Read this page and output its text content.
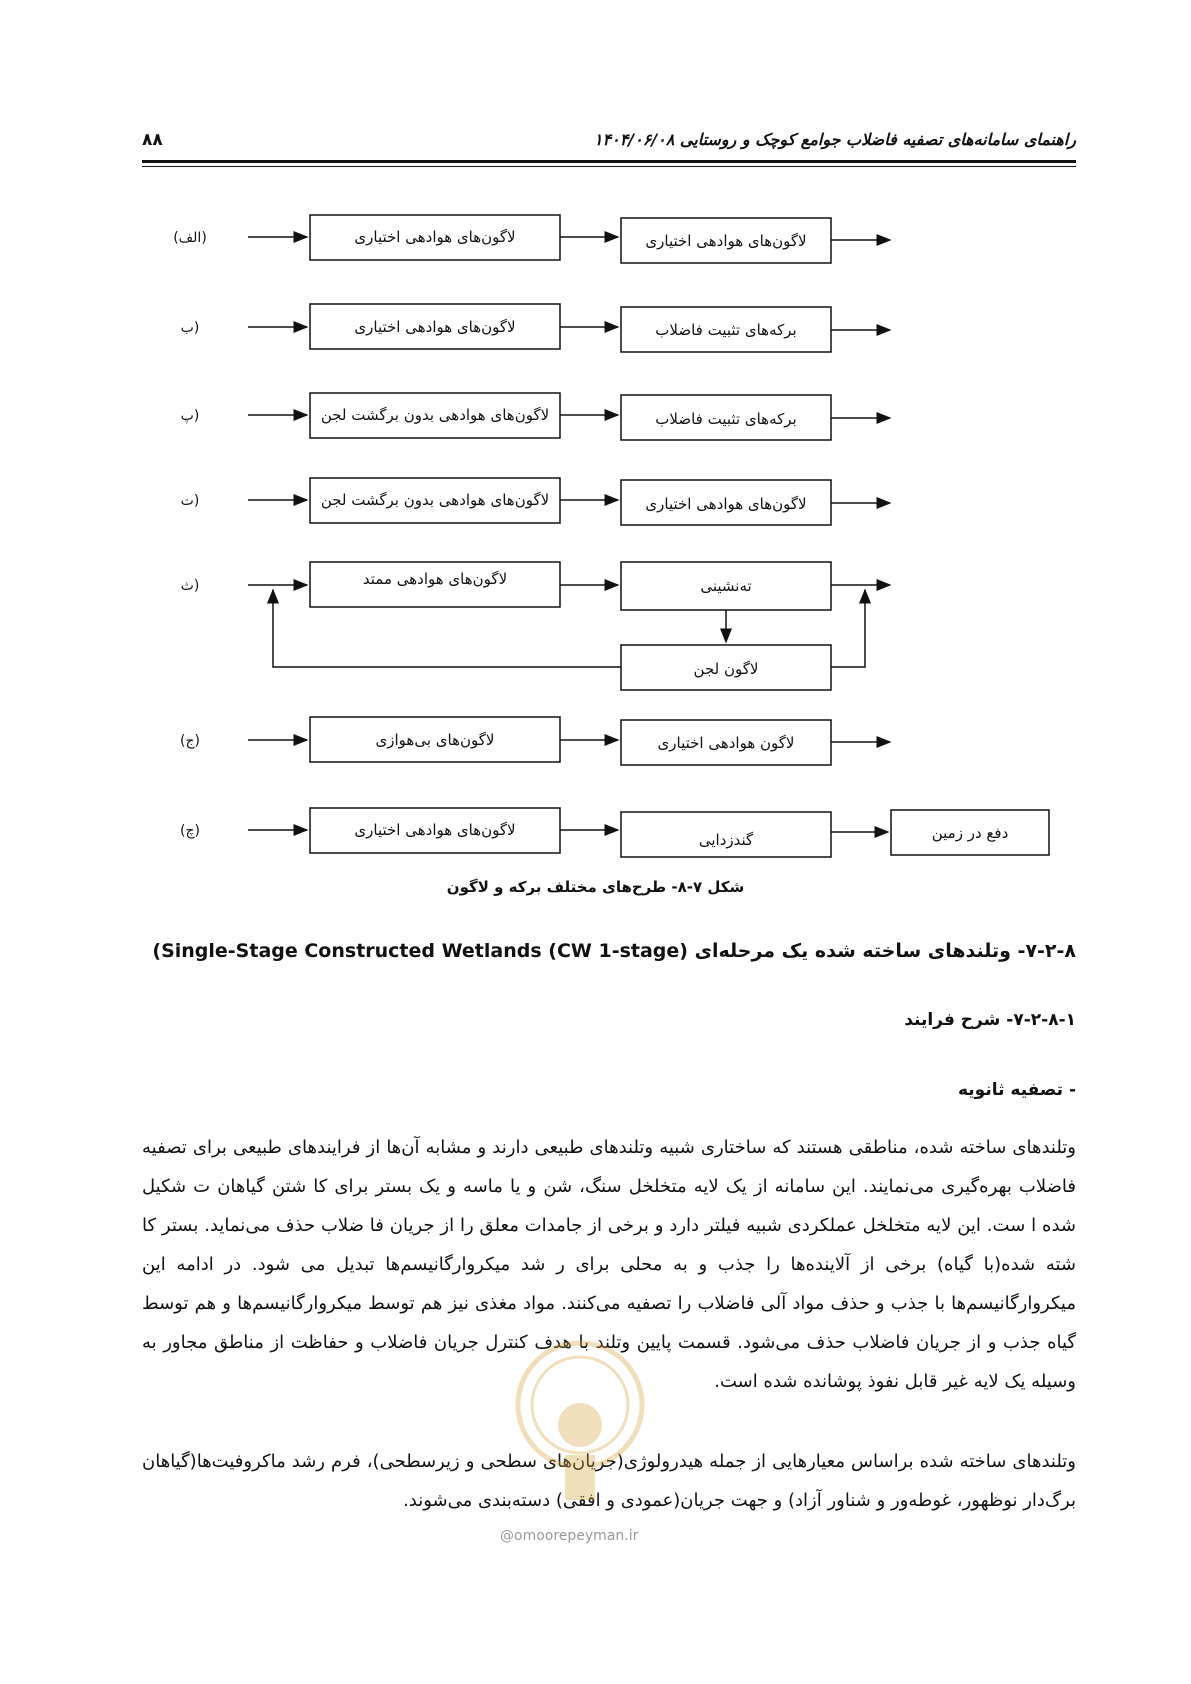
۸۸	راهنمای سامانه‌های تصفیه فاضلاب جوامع کوچک و روستایی ۱۴۰۴/۰۶/۰۸
(الف)
(ب
(پ
(ت
(ث
(ج)
(چ)
لاگون‌های هوادهی اختیاری	لاگون‌های هوادهی اختیاری
لاگون‌های هوادهی اختیاری	برکه‌های تثبیت فاضلاب
لاگون‌های هوادهی بدون برگشت لجن	برکه‌های تثبیت فاضلاب
لاگون‌های هوادهی بدون برگشت لجن	لاگون‌های هوادهی اختیاری
لاگون‌های هوادهی ممتد	ته‌نشینی
لاگون لجن
لاگون‌های بی‌هوازی	لاگون هوادهی اختیاری
لاگون‌های هوادهی اختیاری
گندزدایی	دفع در زمین
شکل ۷-۸- طرح‌های مختلف برکه و لاگون
۷-۲-۸- وتلندهای ساخته شده یک مرحله‌ای (CW 1-stage) Single-Stage Constructed Wetlands)
۷-۲-۸-۱- شرح فرایند
- تصفیه ثانویه
وتلندهای ساخته شده، مناطقی هستند که ساختاری شبیه وتلندهای طبیعی دارند و مشابه آن‌ها از فرایندهای طبیعی برای تصفیه فاضلاب بهره‌گیری می‌نمایند. این سامانه از یک لایه متخلخل سنگ، شن و یا ماسه و یک بستر برای کا شتن گیاهان ت شکیل شده ا ست. این لایه متخلخل عملکردی شبیه فیلتر دارد و برخی از جامدات معلق را از جریان فا ضلاب حذف می‌نماید. بستر کا شته شده(با گیاه) برخی از آلاینده‌ها را جذب و به محلی برای ر شد میکروارگانیسم‌ها تبدیل می شود. در ادامه این میکروارگانیسم‌ها با جذب و حذف مواد آلی فاضلاب را تصفیه می‌کنند. مواد مغذی نیز هم توسط میکروارگانیسم‌ها و هم توسط گیاه جذب و از جریان فاضلاب حذف می‌شود. قسمت پایین وتلند با هدف کنترل جریان فاضلاب و حفاظت از مناطق مجاور به وسیله یک لایه غیر قابل نفوذ پوشانده شده است.
وتلندهای ساخته شده براساس معیارهایی از جمله هیدرولوژی(جریان‌های سطحی و زیرسطحی)، فرم رشد ماکروفیت‌ها(گیاهان برگ‌دار نوظهور، غوطه‌ور و شناور آزاد) و جهت جریان(عمودی و افقی) دسته‌بندی می‌شوند.
@omoorepeyman.ir
